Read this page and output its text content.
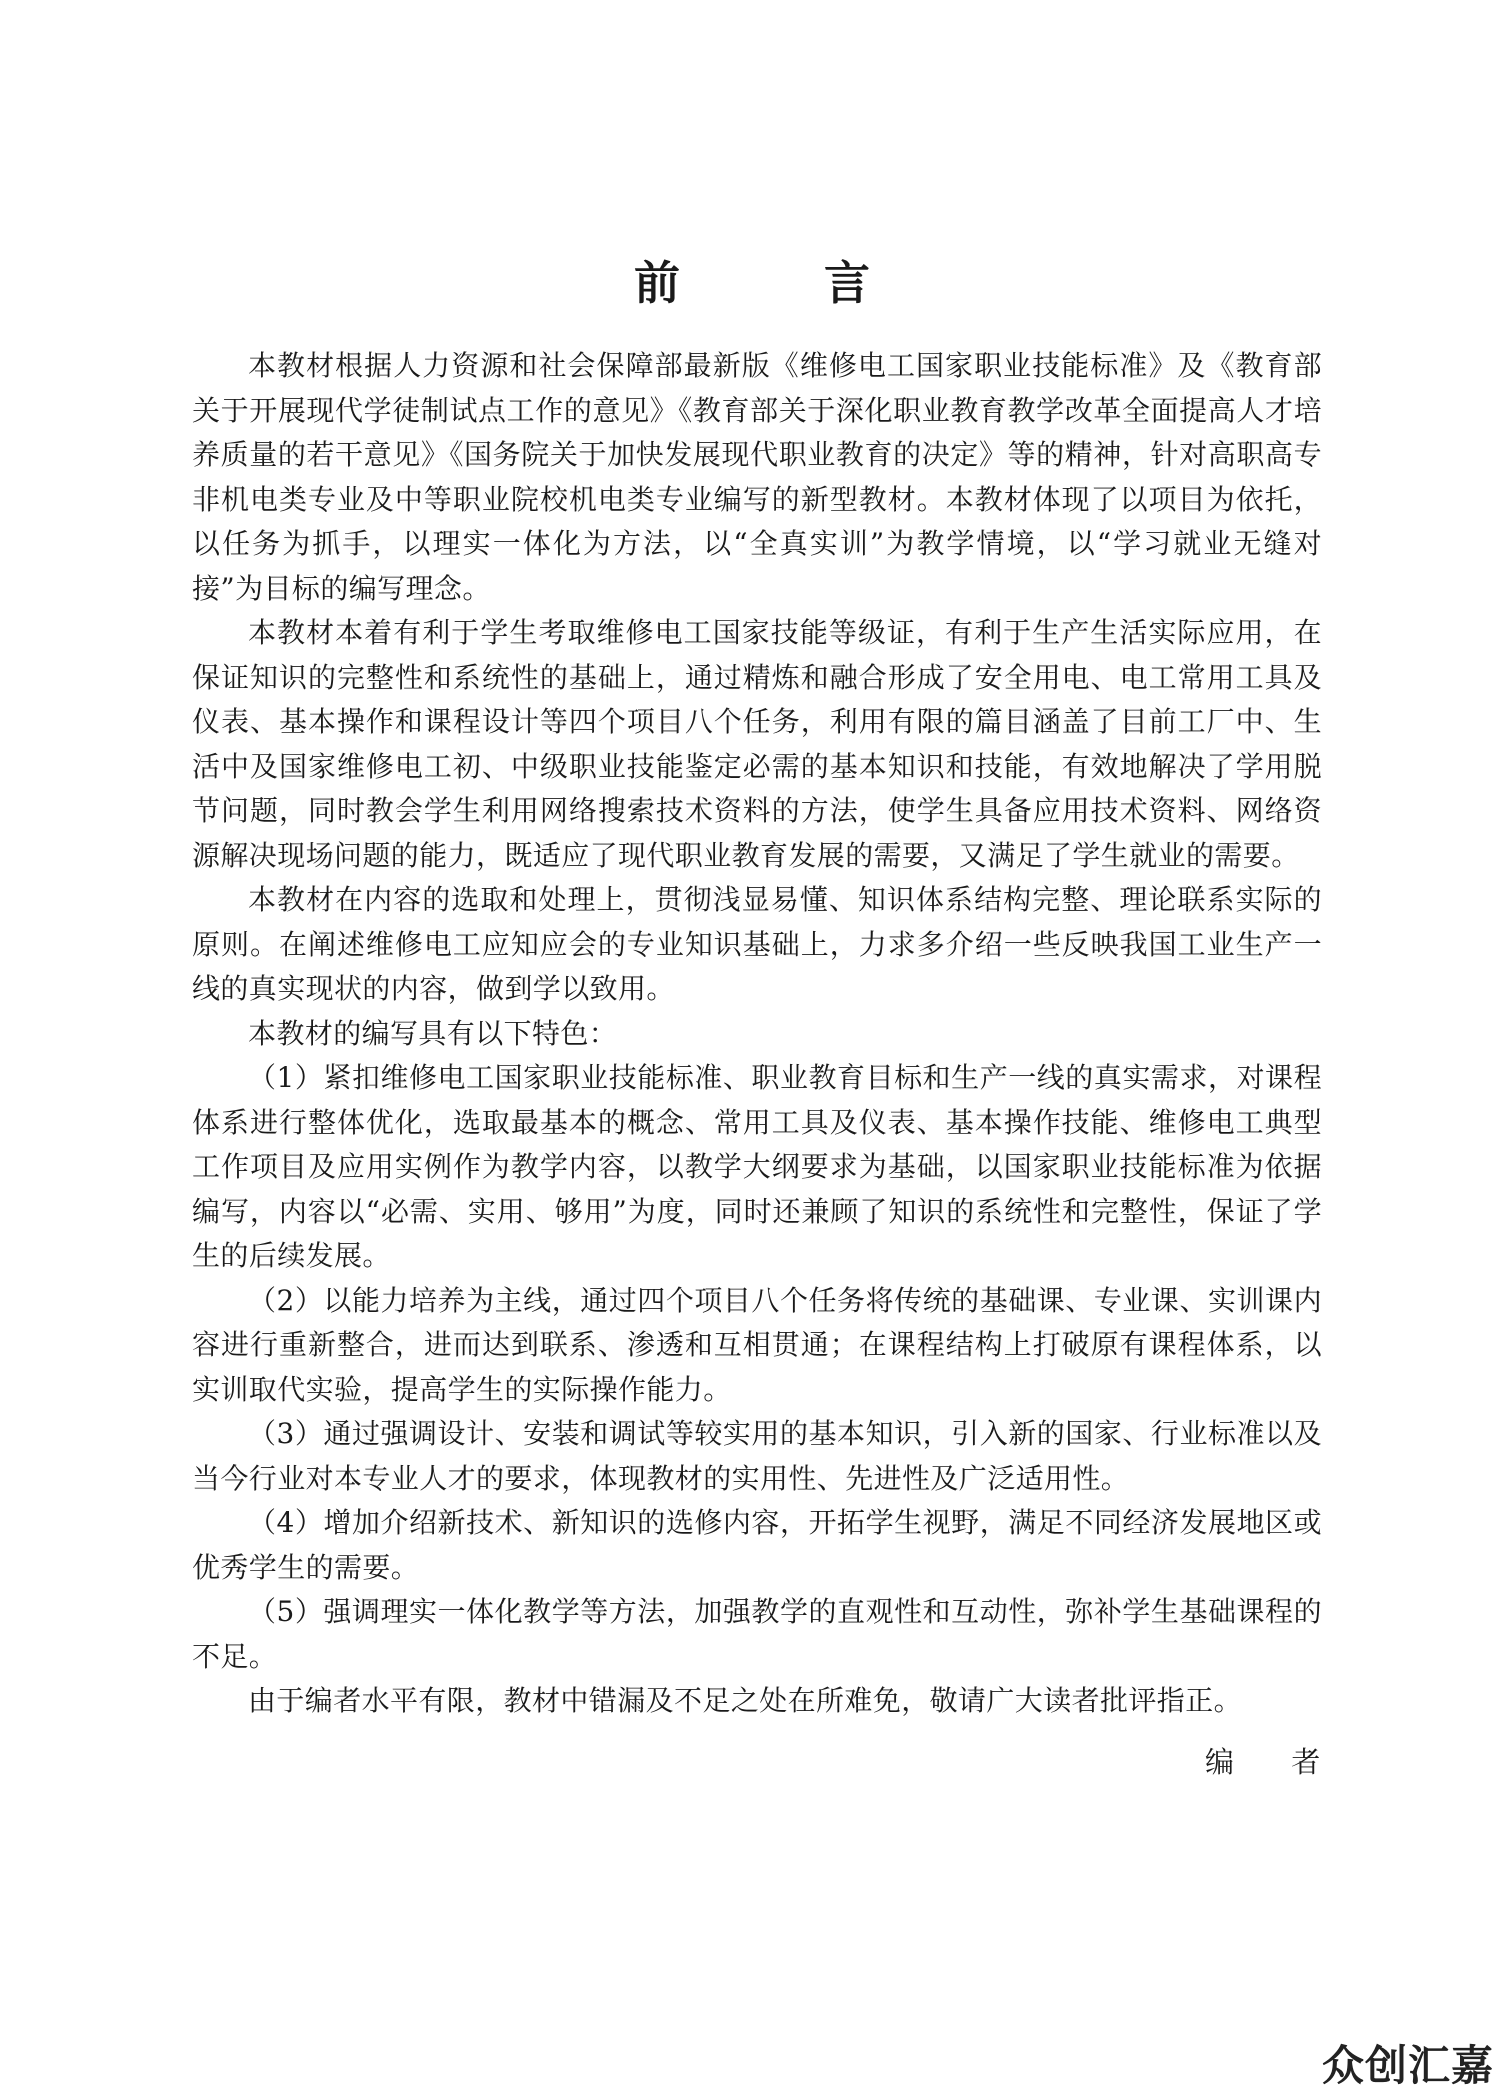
前 言

本教材根据人力资源和社会保障部最新版《维修电工国家职业技能标准》及《教育部关于开展现代学徒制试点工作的意见》《教育部关于深化职业教育教学改革全面提高人才培养质量的若干意见》《国务院关于加快发展现代职业教育的决定》等的精神，针对高职高专非机电类专业及中等职业院校机电类专业编写的新型教材。本教材体现了以项目为依托，以任务为抓手，以理实一体化为方法，以“全真实训”为教学情境，以“学习就业无缝对接”为目标的编写理念。

本教材本着有利于学生考取维修电工国家技能等级证，有利于生产生活实际应用，在保证知识的完整性和系统性的基础上，通过精炼和融合形成了安全用电、电工常用工具及仪表、基本操作和课程设计等四个项目八个任务，利用有限的篇目涵盖了目前工厂中、生活中及国家维修电工初、中级职业技能鉴定必需的基本知识和技能，有效地解决了学用脱节问题，同时教会学生利用网络搜索技术资料的方法，使学生具备应用技术资料、网络资源解决现场问题的能力，既适应了现代职业教育发展的需要，又满足了学生就业的需要。

本教材在内容的选取和处理上，贯彻浅显易懂、知识体系结构完整、理论联系实际的原则。在阐述维修电工应知应会的专业知识基础上，力求多介绍一些反映我国工业生产一线的真实现状的内容，做到学以致用。

本教材的编写具有以下特色：

（1）紧扣维修电工国家职业技能标准、职业教育目标和生产一线的真实需求，对课程体系进行整体优化，选取最基本的概念、常用工具及仪表、基本操作技能、维修电工典型工作项目及应用实例作为教学内容，以教学大纲要求为基础，以国家职业技能标准为依据编写，内容以“必需、实用、够用”为度，同时还兼顾了知识的系统性和完整性，保证了学生的后续发展。

（2）以能力培养为主线，通过四个项目八个任务将传统的基础课、专业课、实训课内容进行重新整合，进而达到联系、渗透和互相贯通；在课程结构上打破原有课程体系，以实训取代实验，提高学生的实际操作能力。

（3）通过强调设计、安装和调试等较实用的基本知识，引入新的国家、行业标准以及当今行业对本专业人才的要求，体现教材的实用性、先进性及广泛适用性。

（4）增加介绍新技术、新知识的选修内容，开拓学生视野，满足不同经济发展地区或优秀学生的需要。

（5）强调理实一体化教学等方法，加强教学的直观性和互动性，弥补学生基础课程的不足。

由于编者水平有限，教材中错漏及不足之处在所难免，敬请广大读者批评指正。

编 者
众创汇嘉
